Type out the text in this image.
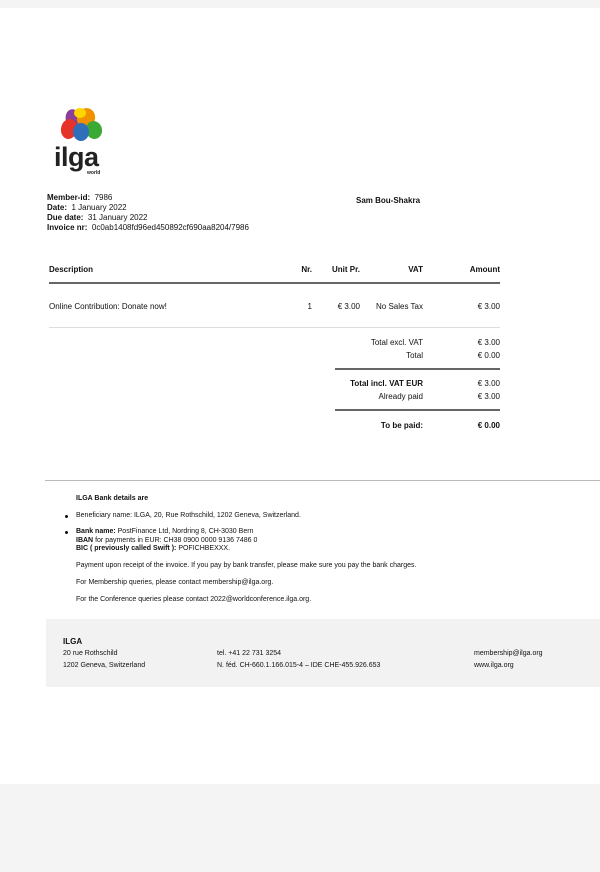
ilga
world
Member-id: 7986
Date: 1 January 2022
Due date: 31 January 2022
Invoice nr: 0c0ab1408fd96ed450892cf690aa8204/7986
Sam Bou-Shakra
Description	Nr.	Unit Pr.	VAT	Amount
Online Contribution: Donate now!	1	€ 3.00	No Sales Tax	€ 3.00
Total excl. VAT	€ 3.00
Total	€ 0.00
Total incl. VAT EUR	€ 3.00
Already paid	€ 3.00
To be paid:	€ 0.00
ILGA Bank details are
Beneficiary name: ILGA, 20, Rue Rothschild, 1202 Geneva, Switzerland.
Bank name: PostFinance Ltd, Nordring 8, CH-3030 Bern
IBAN for payments in EUR: CH38 0900 0000 9136 7486 0
BIC ( previously called Swift ): POFICHBEXXX.
Payment upon receipt of the invoice. If you pay by bank transfer, please make sure you pay the bank charges.
For Membership queries, please contact membership@ilga.org.
For the Conference queries please contact 2022@worldconference.ilga.org.
ILGA
20 rue Rothschild
1202 Geneva, Switzerland
tel. +41 22 731 3254
N. féd. CH-660.1.166.015-4 – IDE CHE-455.926.653
membership@ilga.org
www.ilga.org
